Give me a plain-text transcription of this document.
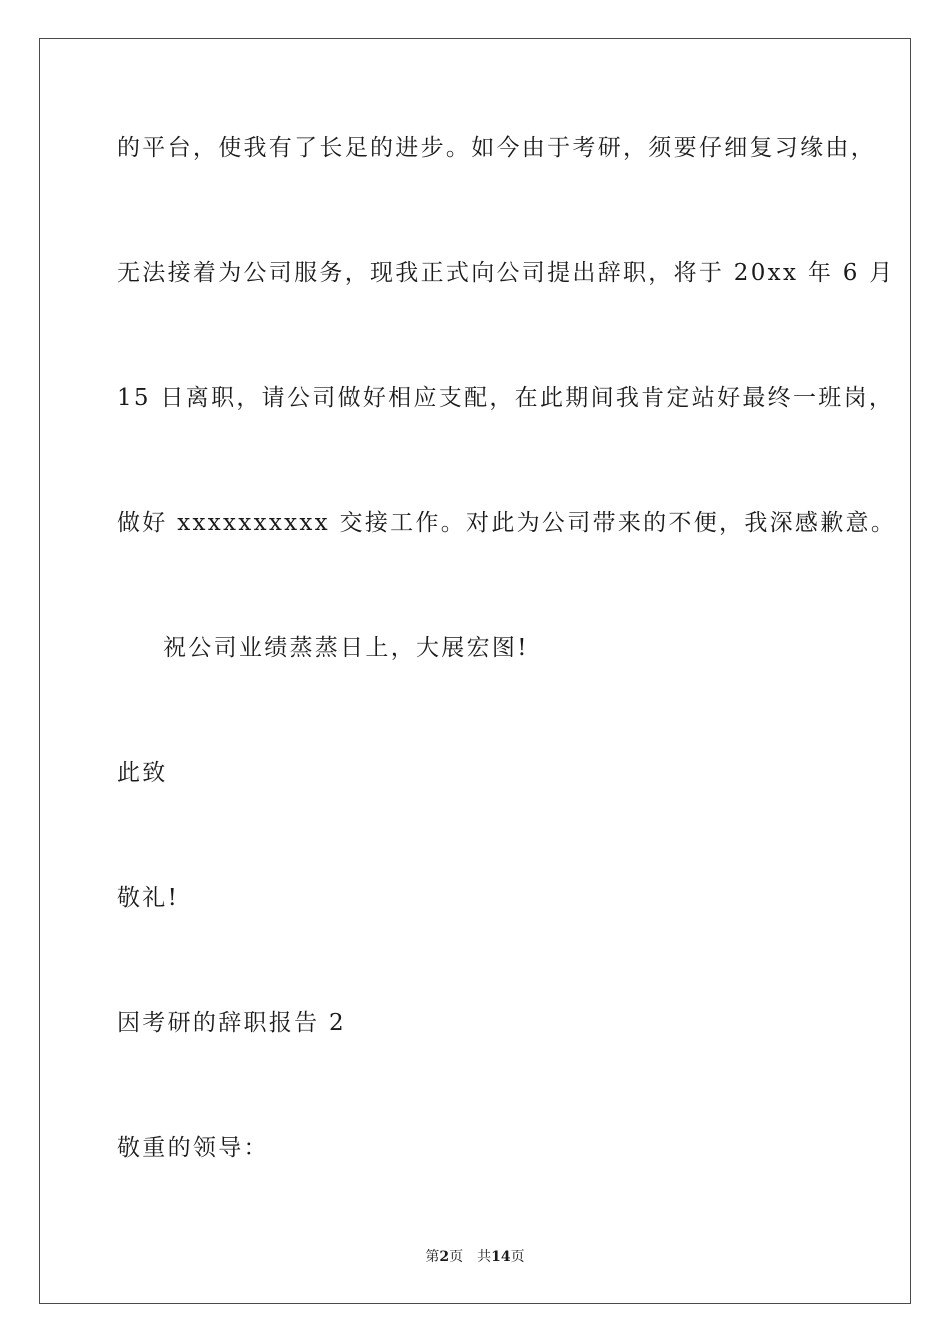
的平台，使我有了长足的进步。如今由于考研，须要仔细复习缘由，
无法接着为公司服务，现我正式向公司提出辞职，将于 20xx 年 6 月
15 日离职，请公司做好相应支配，在此期间我肯定站好最终一班岗，
做好 xxxxxxxxxx 交接工作。对此为公司带来的不便，我深感歉意。
祝公司业绩蒸蒸日上，大展宏图!
此致
敬礼!
因考研的辞职报告 2
敬重的领导：
第2页 共14页
